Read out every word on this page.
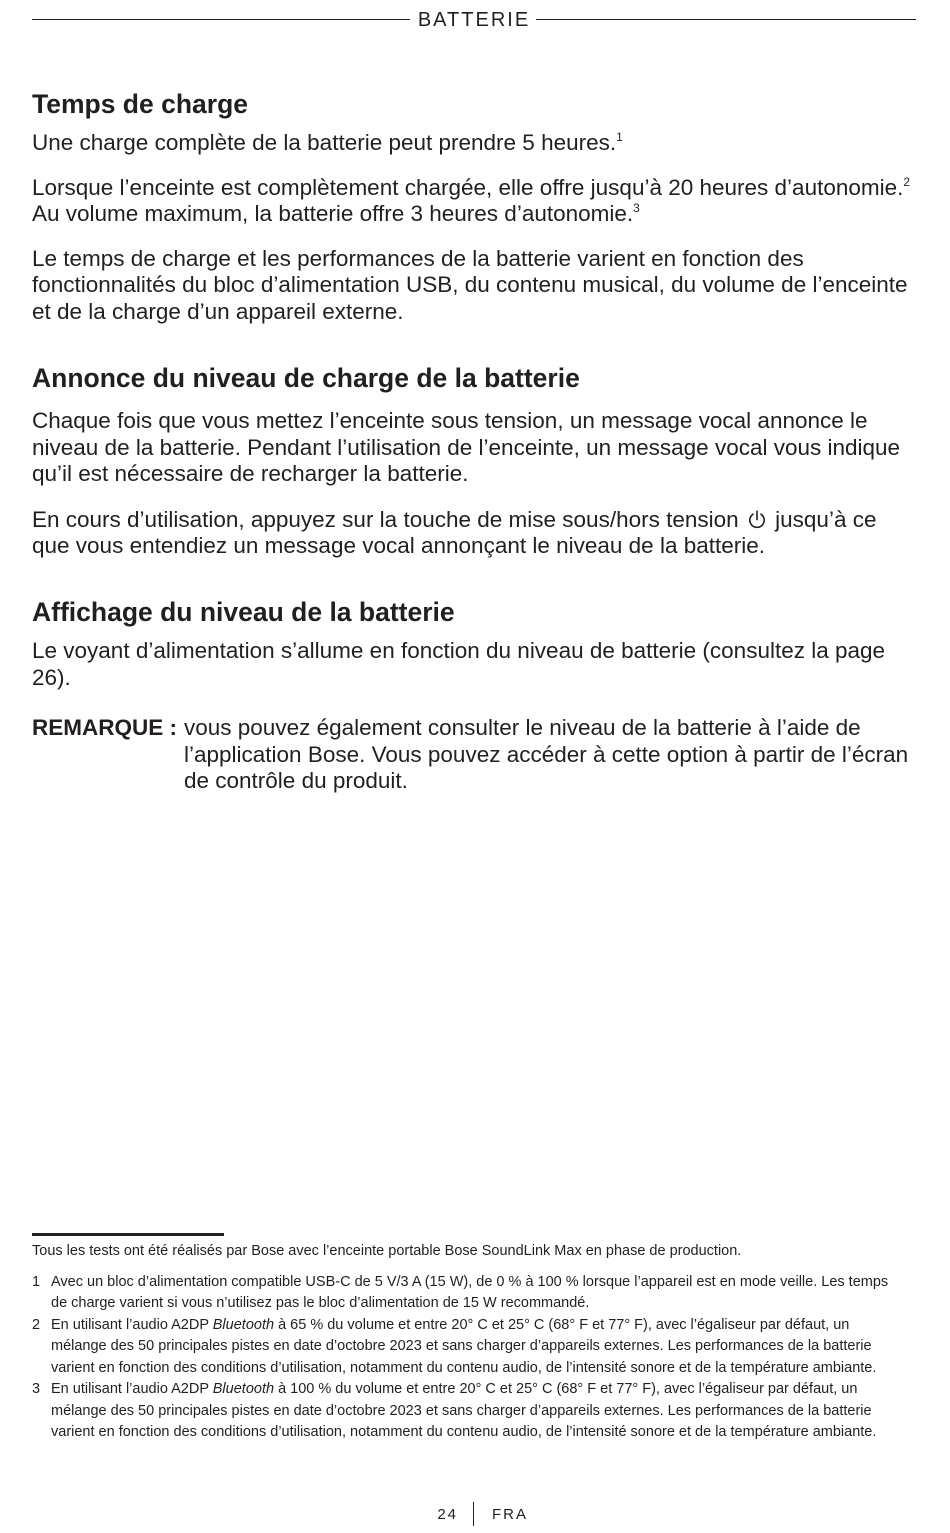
BATTERIE
Temps de charge

Une charge complète de la batterie peut prendre 5 heures.$^1$

Lorsque l’enceinte est complètement chargée, elle offre jusqu’à 20 heures d’autonomie.$^2$ Au volume maximum, la batterie offre 3 heures d’autonomie.$^3$

Le temps de charge et les performances de la batterie varient en fonction des fonctionnalités du bloc d’alimentation USB, du contenu musical, du volume de l’enceinte et de la charge d’un appareil externe.

Annonce du niveau de charge de la batterie

Chaque fois que vous mettez l’enceinte sous tension, un message vocal annonce le niveau de la batterie. Pendant l’utilisation de l’enceinte, un message vocal vous indique qu’il est nécessaire de recharger la batterie.

En cours d’utilisation, appuyez sur la touche de mise sous/hors tension  jusqu’à ce que vous entendiez un message vocal annonçant le niveau de la batterie.

Affichage du niveau de la batterie

Le voyant d’alimentation s’allume en fonction du niveau de batterie (consultez la page 26).

REMARQUE : vous pouvez également consulter le niveau de la batterie à l’aide de l’application Bose. Vous pouvez accéder à cette option à partir de l’écran de contrôle du produit.
Tous les tests ont été réalisés par Bose avec l’enceinte portable Bose SoundLink Max en phase de production.
1 Avec un bloc d’alimentation compatible USB-C de 5 V/3 A (15 W), de 0 % à 100 % lorsque l’appareil est en mode veille. Les temps de charge varient si vous n’utilisez pas le bloc d’alimentation de 15 W recommandé.
2 En utilisant l’audio A2DP Bluetooth à 65 % du volume et entre 20° C et 25° C (68° F et 77° F), avec l’égaliseur par défaut, un mélange des 50 principales pistes en date d’octobre 2023 et sans charger d’appareils externes. Les performances de la batterie varient en fonction des conditions d’utilisation, notamment du contenu audio, de l’intensité sonore et de la température ambiante.
3 En utilisant l’audio A2DP Bluetooth à 100 % du volume et entre 20° C et 25° C (68° F et 77° F), avec l’égaliseur par défaut, un mélange des 50 principales pistes en date d’octobre 2023 et sans charger d’appareils externes. Les performances de la batterie varient en fonction des conditions d’utilisation, notamment du contenu audio, de l’intensité sonore et de la température ambiante.
24 FRA
